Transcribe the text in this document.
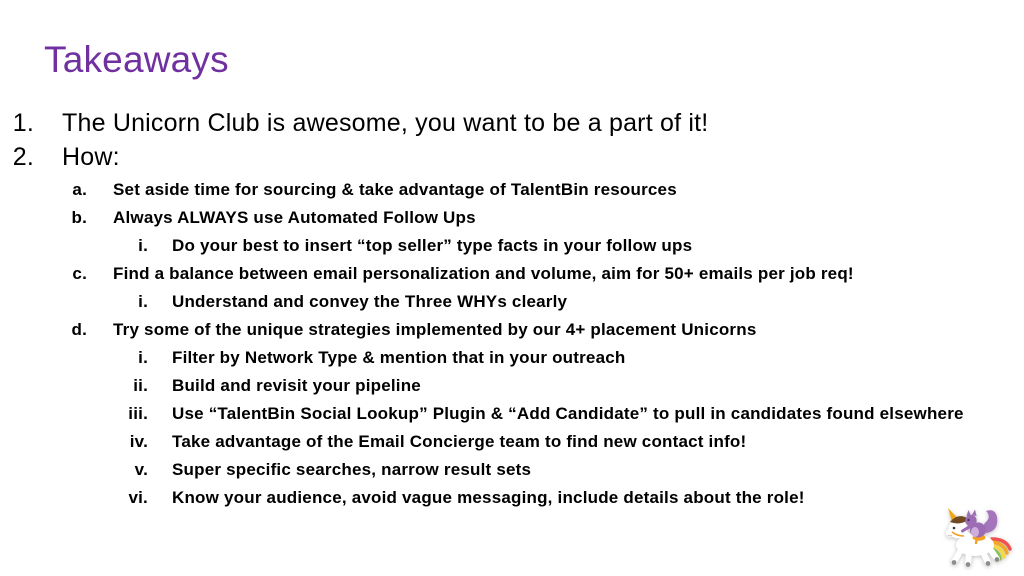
Takeaways
1. The Unicorn Club is awesome, you want to be a part of it!
2. How:
a. Set aside time for sourcing & take advantage of TalentBin resources
b. Always ALWAYS use Automated Follow Ups
i. Do your best to insert “top seller” type facts in your follow ups
c. Find a balance between email personalization and volume, aim for 50+ emails per job req!
i. Understand and convey the Three WHYs clearly
d. Try some of the unique strategies implemented by our 4+ placement Unicorns
i. Filter by Network Type & mention that in your outreach
ii. Build and revisit your pipeline
iii. Use “TalentBin Social Lookup” Plugin & “Add Candidate” to pull in candidates found elsewhere
iv. Take advantage of the Email Concierge team to find new contact info!
v. Super specific searches, narrow result sets
vi. Know your audience, avoid vague messaging, include details about the role!
